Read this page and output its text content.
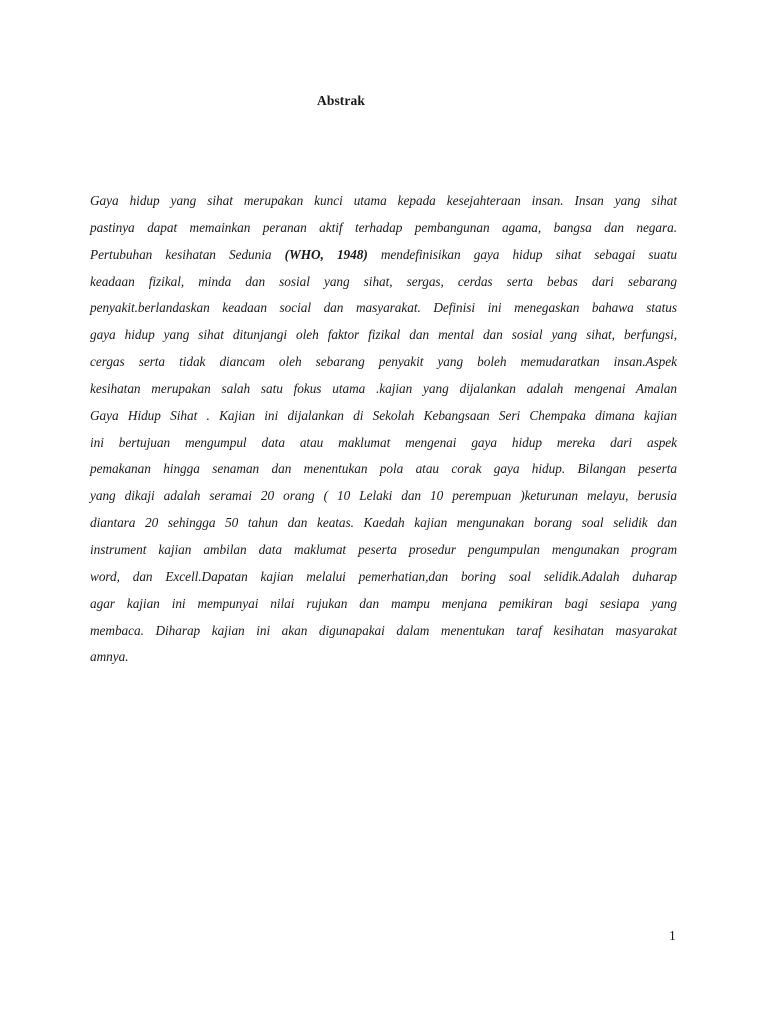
Abstrak

Gaya hidup yang sihat merupakan kunci utama kepada kesejahteraan insan. Insan yang sihat
pastinya dapat memainkan peranan aktif terhadap pembangunan agama, bangsa dan negara.
Pertubuhan kesihatan Sedunia (WHO, 1948) mendefinisikan gaya hidup sihat sebagai suatu
keadaan fizikal, minda dan sosial yang sihat, sergas, cerdas serta bebas dari sebarang
penyakit.berlandaskan keadaan social dan masyarakat. Definisi ini menegaskan bahawa status
gaya hidup yang sihat ditunjangi oleh faktor fizikal dan mental dan sosial yang sihat, berfungsi,
cergas serta tidak diancam oleh sebarang penyakit yang boleh memudaratkan insan.Aspek
kesihatan merupakan salah satu fokus utama .kajian yang dijalankan adalah mengenai Amalan
Gaya Hidup Sihat . Kajian ini dijalankan di Sekolah Kebangsaan Seri Chempaka dimana kajian
ini bertujuan mengumpul data atau maklumat mengenai gaya hidup mereka dari aspek
pemakanan hingga senaman dan menentukan pola atau corak gaya hidup. Bilangan peserta
yang dikaji adalah seramai 20 orang ( 10 Lelaki dan 10 perempuan )keturunan melayu, berusia
diantara 20 sehingga 50 tahun dan keatas. Kaedah kajian mengunakan borang soal selidik dan
instrument kajian ambilan data maklumat peserta prosedur pengumpulan mengunakan program
word, dan Excell.Dapatan kajian melalui pemerhatian,dan boring soal selidik.Adalah duharap
agar kajian ini mempunyai nilai rujukan dan mampu menjana pemikiran bagi sesiapa yang
membaca. Diharap kajian ini akan digunapakai dalam menentukan taraf kesihatan masyarakat
amnya.

1
